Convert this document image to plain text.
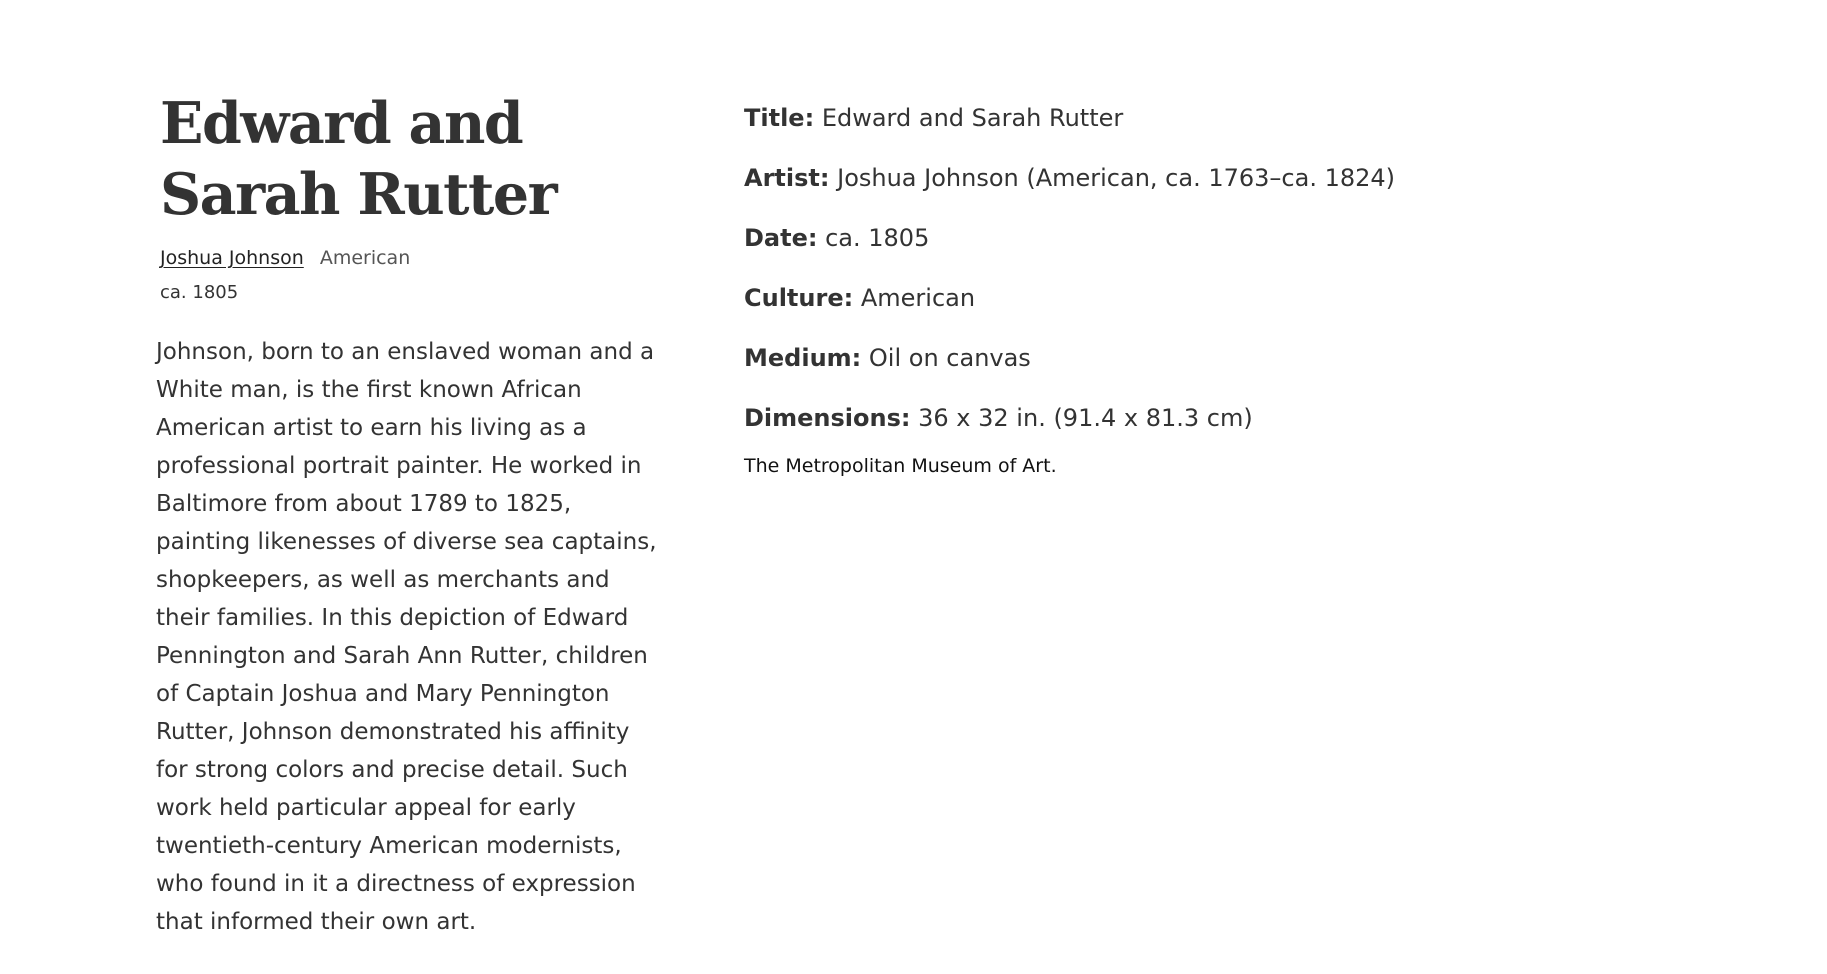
Edward and Sarah Rutter
Joshua Johnson American
ca. 1805

Johnson, born to an enslaved woman and a White man, is the first known African American artist to earn his living as a professional portrait painter. He worked in Baltimore from about 1789 to 1825, painting likenesses of diverse sea captains, shopkeepers, as well as merchants and their families. In this depiction of Edward Pennington and Sarah Ann Rutter, children of Captain Joshua and Mary Pennington Rutter, Johnson demonstrated his affinity for strong colors and precise detail. Such work held particular appeal for early twentieth-century American modernists, who found in it a directness of expression that informed their own art.

Title: Edward and Sarah Rutter
Artist: Joshua Johnson (American, ca. 1763–ca. 1824)
Date: ca. 1805
Culture: American
Medium: Oil on canvas
Dimensions: 36 x 32 in. (91.4 x 81.3 cm)
The Metropolitan Museum of Art.
